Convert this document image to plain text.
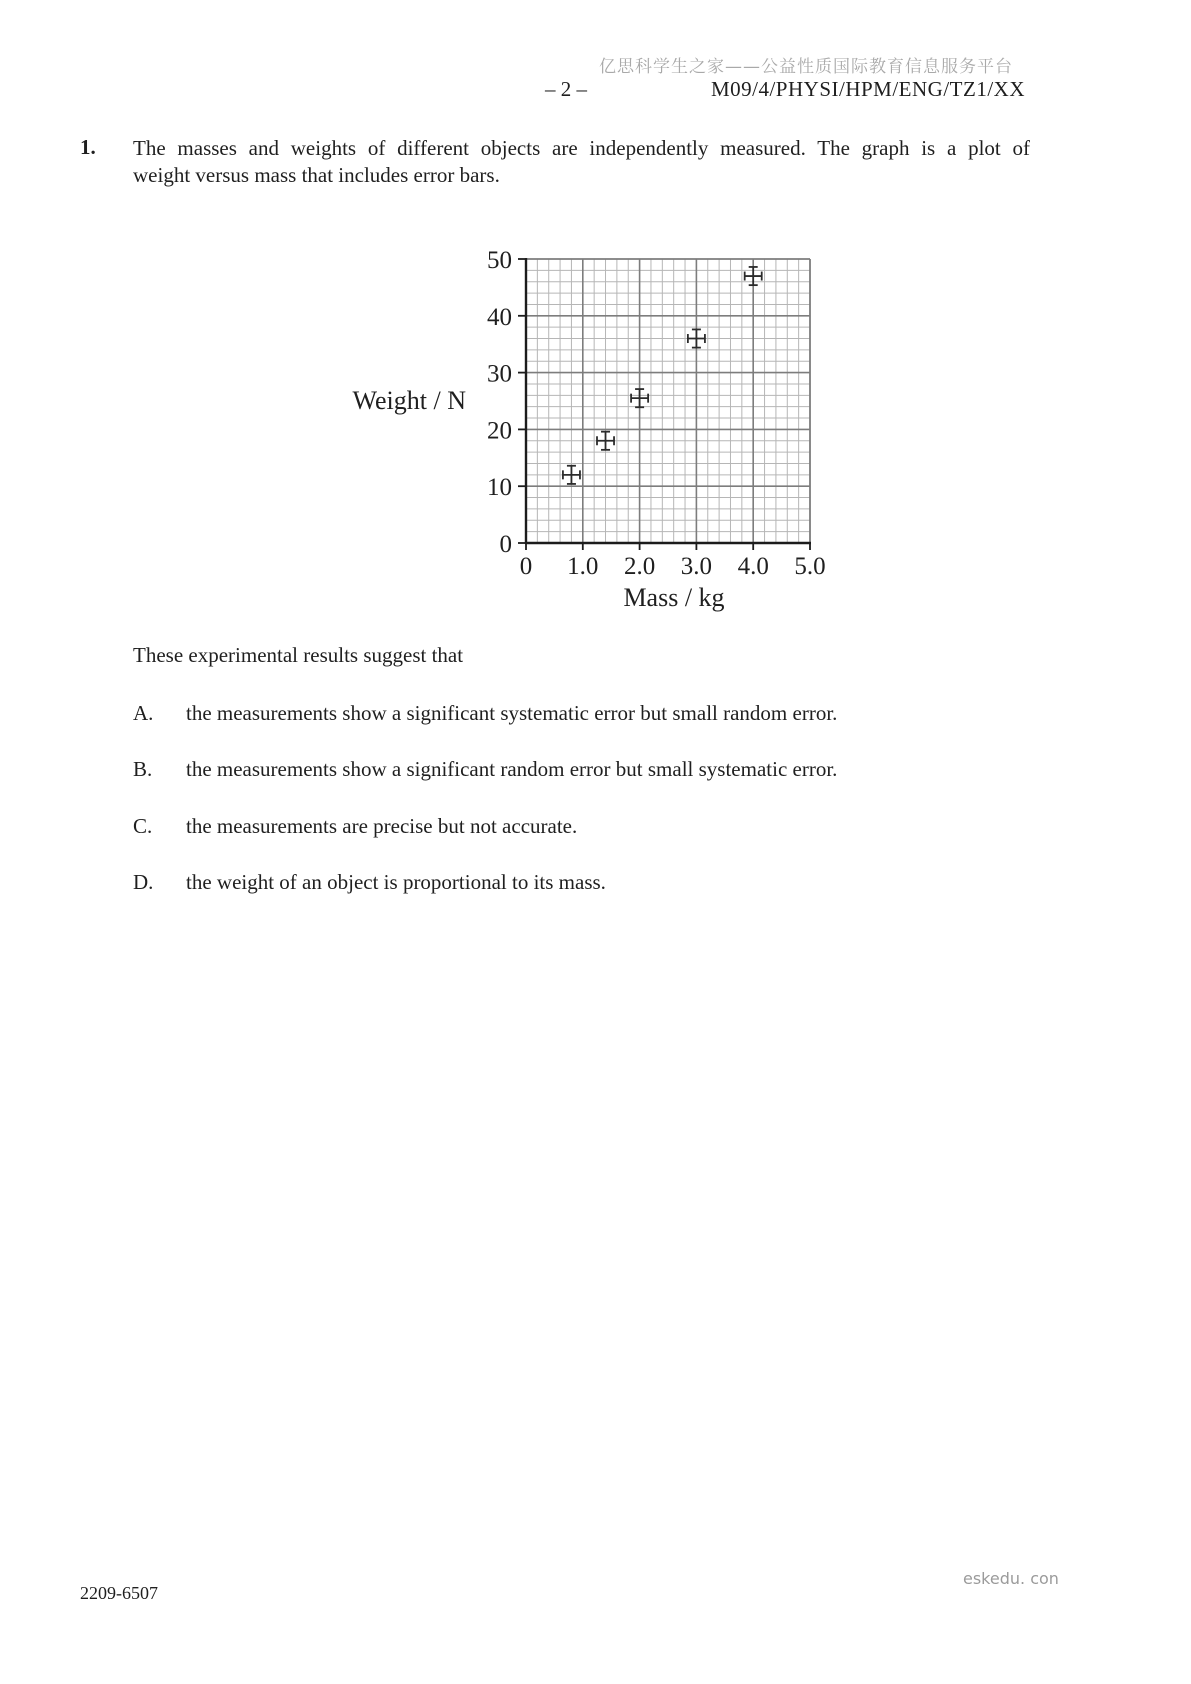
亿思科学生之家——公益性质国际教育信息服务平台
– 2 –	M09/4/PHYSI/HPM/ENG/TZ1/XX
1. The masses and weights of different objects are independently measured. The graph is a plot of
weight versus mass that includes error bars.
0
10
20
30
40
50
0 1.0 2.0 3.0 4.0 5.0
Weight / N
Mass / kg
These experimental results suggest that
A. the measurements show a significant systematic error but small random error.
B. the measurements show a significant random error but small systematic error.
C. the measurements are precise but not accurate.
D. the weight of an object is proportional to its mass.
2209-6507
eskedu. con
